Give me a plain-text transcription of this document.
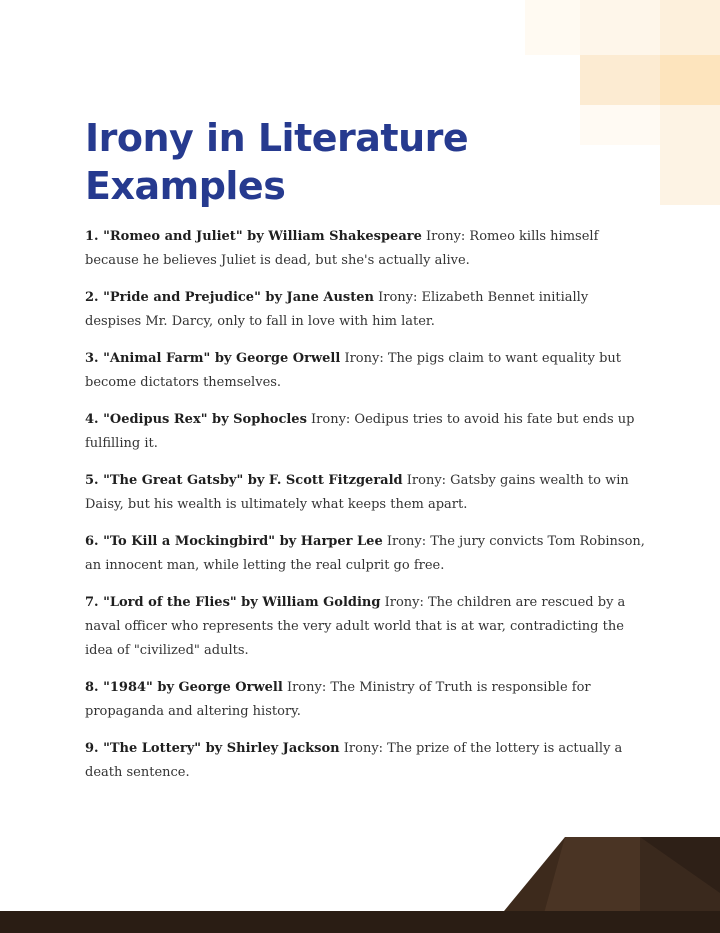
Irony in Literature Examples
1. "Romeo and Juliet" by William Shakespeare Irony: Romeo kills himself because he believes Juliet is dead, but she's actually alive.
2. "Pride and Prejudice" by Jane Austen Irony: Elizabeth Bennet initially despises Mr. Darcy, only to fall in love with him later.
3. "Animal Farm" by George Orwell Irony: The pigs claim to want equality but become dictators themselves.
4. "Oedipus Rex" by Sophocles Irony: Oedipus tries to avoid his fate but ends up fulfilling it.
5. "The Great Gatsby" by F. Scott Fitzgerald Irony: Gatsby gains wealth to win Daisy, but his wealth is ultimately what keeps them apart.
6. "To Kill a Mockingbird" by Harper Lee Irony: The jury convicts Tom Robinson, an innocent man, while letting the real culprit go free.
7. "Lord of the Flies" by William Golding Irony: The children are rescued by a naval officer who represents the very adult world that is at war, contradicting the idea of "civilized" adults.
8. "1984" by George Orwell Irony: The Ministry of Truth is responsible for propaganda and altering history.
9. "The Lottery" by Shirley Jackson Irony: The prize of the lottery is actually a death sentence.
